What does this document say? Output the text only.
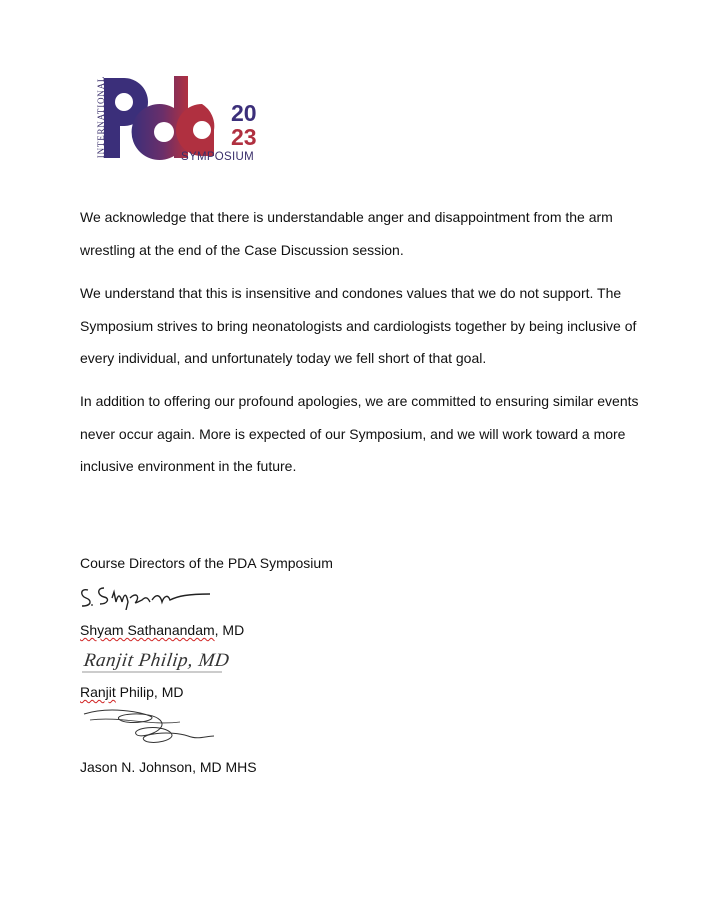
INTERNATIONAL	20
23
SYMPOSIUM

We acknowledge that there is understandable anger and disappointment from the arm wrestling at the end of the Case Discussion session.

We understand that this is insensitive and condones values that we do not support. The Symposium strives to bring neonatologists and cardiologists together by being inclusive of every individual, and unfortunately today we fell short of that goal.

In addition to offering our profound apologies, we are committed to ensuring similar events never occur again. More is expected of our Symposium, and we will work toward a more inclusive environment in the future.

Course Directors of the PDA Symposium

Shyam Sathanandam, MD

Ranjit Philip, MD

Ranjit Philip, MD

Jason N. Johnson, MD MHS
